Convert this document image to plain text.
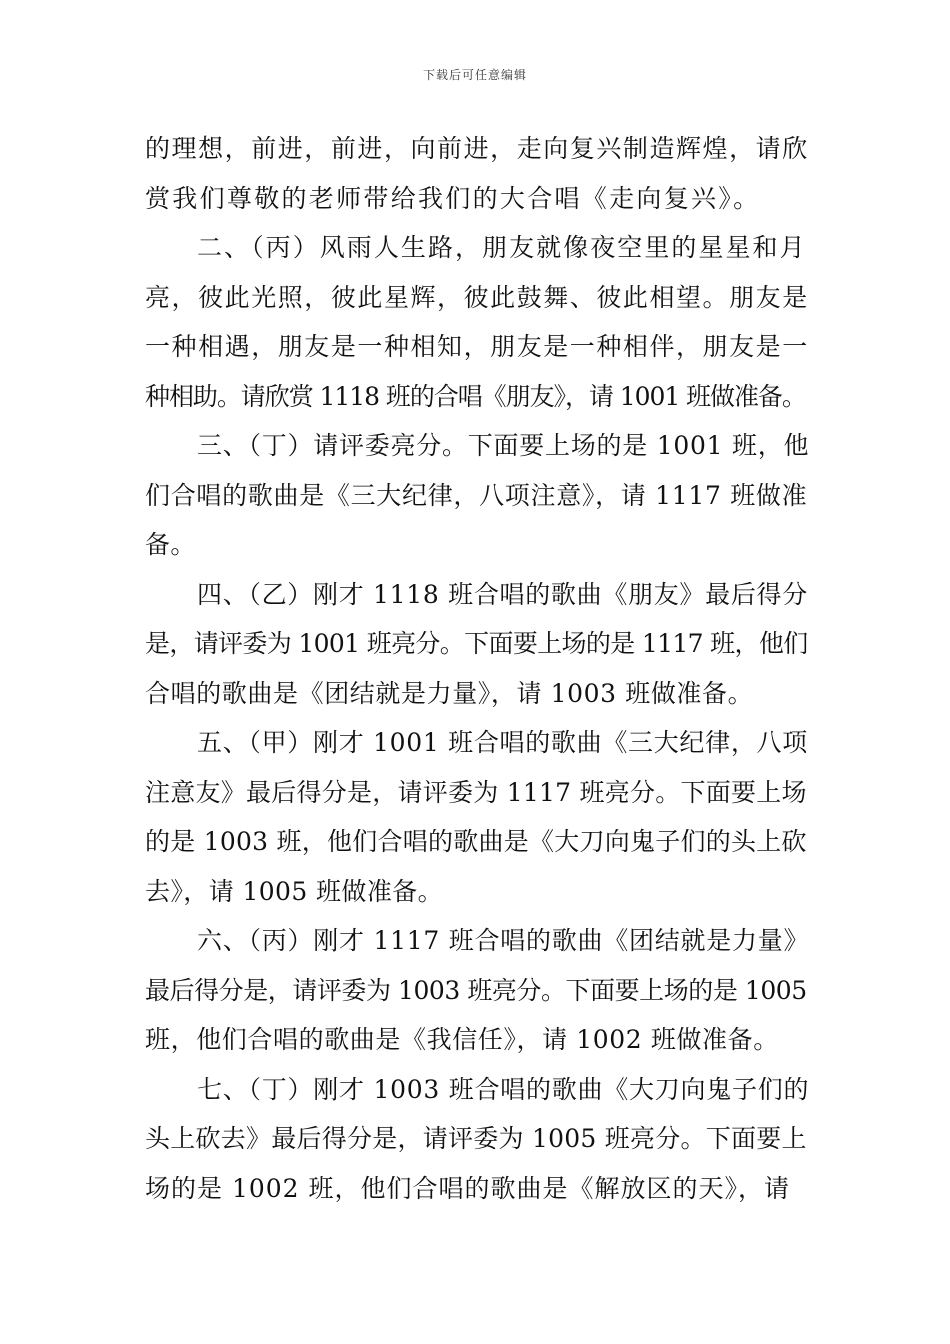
下载后可任意编辑
的理想，前进，前进，向前进，走向复兴制造辉煌，请欣
赏我们尊敬的老师带给我们的大合唱《走向复兴》。
二、（丙）风雨人生路，朋友就像夜空里的星星和月
亮，彼此光照，彼此星辉，彼此鼓舞、彼此相望。朋友是
一种相遇，朋友是一种相知，朋友是一种相伴，朋友是一
种相助。请欣赏 1118 班的合唱《朋友》，请 1001 班做准备。
三、（丁）请评委亮分。下面要上场的是 1001 班，他
们合唱的歌曲是《三大纪律，八项注意》，请 1117 班做准
备。
四、（乙）刚才 1118 班合唱的歌曲《朋友》最后得分
是，请评委为 1001 班亮分。下面要上场的是 1117 班，他们
合唱的歌曲是《团结就是力量》，请 1003 班做准备。
五、（甲）刚才 1001 班合唱的歌曲《三大纪律，八项
注意友》最后得分是，请评委为 1117 班亮分。下面要上场
的是 1003 班，他们合唱的歌曲是《大刀向鬼子们的头上砍
去》，请 1005 班做准备。
六、（丙）刚才 1117 班合唱的歌曲《团结就是力量》
最后得分是，请评委为 1003 班亮分。下面要上场的是 1005
班，他们合唱的歌曲是《我信任》，请 1002 班做准备。
七、（丁）刚才 1003 班合唱的歌曲《大刀向鬼子们的
头上砍去》最后得分是，请评委为 1005 班亮分。下面要上
场的是 1002 班，他们合唱的歌曲是《解放区的天》，请
